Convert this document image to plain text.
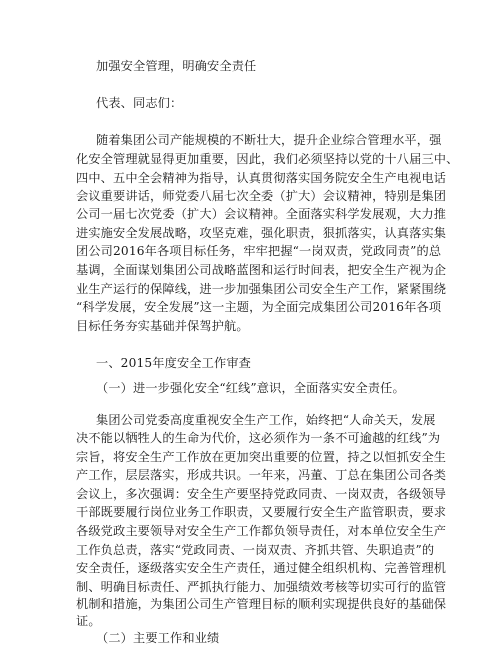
加强安全管理，明确安全责任
代表、同志们：
随着集团公司产能规模的不断壮大，提升企业综合管理水平，强
化安全管理就显得更加重要，因此，我们必须坚持以党的十八届三中、
四中、五中全会精神为指导，认真贯彻落实国务院安全生产电视电话
会议重要讲话，师党委八届七次全委（扩大）会议精神，特别是集团
公司一届七次党委（扩大）会议精神。全面落实科学发展观，大力推
进实施安全发展战略，攻坚克难，强化职责，狠抓落实，认真落实集
团公司2016年各项目标任务，牢牢把握“一岗双责，党政同责”的总
基调，全面谋划集团公司战略蓝图和运行时间表，把安全生产视为企
业生产运行的保障线，进一步加强集团公司安全生产工作，紧紧围绕
“科学发展，安全发展”这一主题，为全面完成集团公司2016年各项
目标任务夯实基础并保驾护航。
一、2015年度安全工作审查
（一）进一步强化安全“红线”意识，全面落实安全责任。
集团公司党委高度重视安全生产工作，始终把“人命关天，发展
决不能以牺牲人的生命为代价，这必须作为一条不可逾越的红线”为
宗旨，将安全生产工作放在更加突出重要的位置，持之以恒抓安全生
产工作，层层落实，形成共识。一年来，冯董、丁总在集团公司各类
会议上，多次强调：安全生产要坚持党政同责、一岗双责，各级领导
干部既要履行岗位业务工作职责，又要履行安全生产监管职责，要求
各级党政主要领导对安全生产工作都负领导责任，对本单位安全生产
工作负总责，落实“党政同责、一岗双责、齐抓共管、失职追责”的
安全责任，逐级落实安全生产责任，通过健全组织机构、完善管理机
制、明确目标责任、严抓执行能力、加强绩效考核等切实可行的监管
机制和措施，为集团公司生产管理目标的顺利实现提供良好的基础保
证。
（二）主要工作和业绩
